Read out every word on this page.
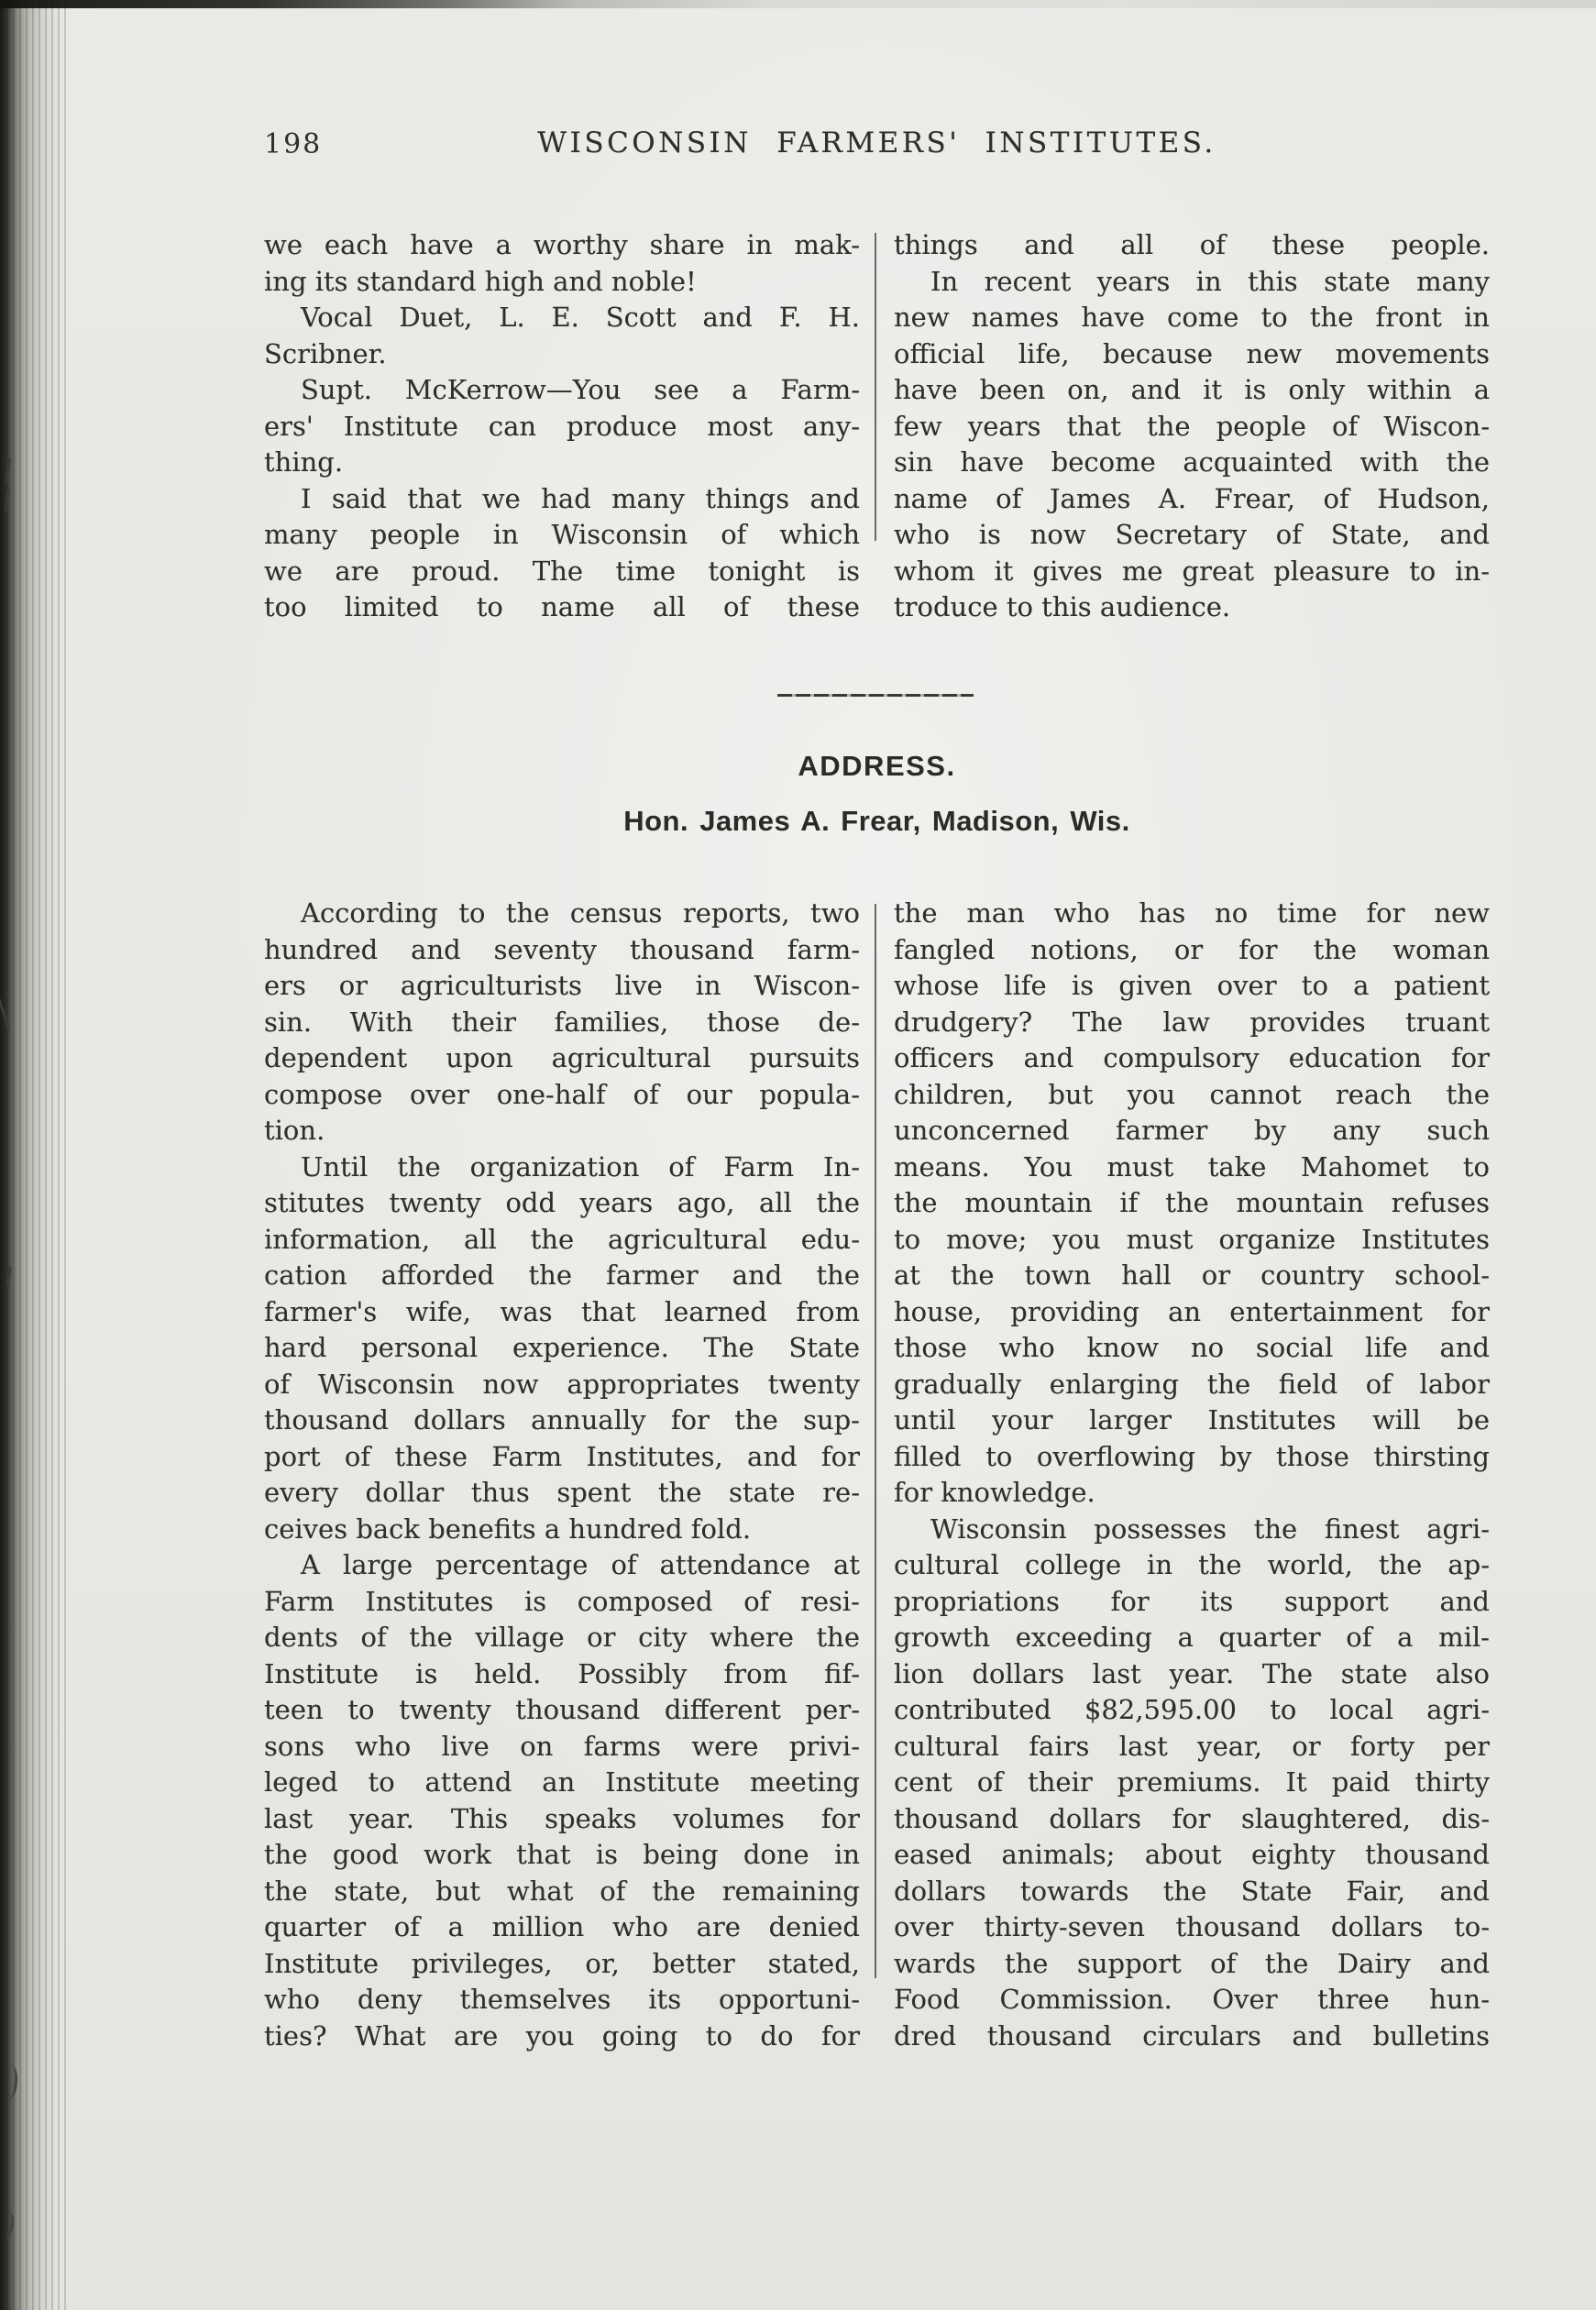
198	WISCONSIN FARMERS' INSTITUTES.
we each have a worthy share in mak-
ing its standard high and noble!
Vocal Duet, L. E. Scott and F. H.
Scribner.
Supt. McKerrow—You see a Farm-
ers' Institute can produce most any-
thing.
I said that we had many things and
many people in Wisconsin of which
we are proud. The time tonight is
too limited to name all of these
things and all of these people.
In recent years in this state many
new names have come to the front in
official life, because new movements
have been on, and it is only within a
few years that the people of Wiscon-
sin have become acquainted with the
name of James A. Frear, of Hudson,
who is now Secretary of State, and
whom it gives me great pleasure to in-
troduce to this audience.
ADDRESS.
Hon. James A. Frear, Madison, Wis.
According to the census reports, two
hundred and seventy thousand farm-
ers or agriculturists live in Wiscon-
sin. With their families, those de-
dependent upon agricultural pursuits
compose over one-half of our popula-
tion.
Until the organization of Farm In-
stitutes twenty odd years ago, all the
information, all the agricultural edu-
cation afforded the farmer and the
farmer's wife, was that learned from
hard personal experience. The State
of Wisconsin now appropriates twenty
thousand dollars annually for the sup-
port of these Farm Institutes, and for
every dollar thus spent the state re-
ceives back benefits a hundred fold.
A large percentage of attendance at
Farm Institutes is composed of resi-
dents of the village or city where the
Institute is held. Possibly from fif-
teen to twenty thousand different per-
sons who live on farms were privi-
leged to attend an Institute meeting
last year. This speaks volumes for
the good work that is being done in
the state, but what of the remaining
quarter of a million who are denied
Institute privileges, or, better stated,
who deny themselves its opportuni-
ties? What are you going to do for
the man who has no time for new
fangled notions, or for the woman
whose life is given over to a patient
drudgery? The law provides truant
officers and compulsory education for
children, but you cannot reach the
unconcerned farmer by any such
means. You must take Mahomet to
the mountain if the mountain refuses
to move; you must organize Institutes
at the town hall or country school-
house, providing an entertainment for
those who know no social life and
gradually enlarging the field of labor
until your larger Institutes will be
filled to overflowing by those thirsting
for knowledge.
Wisconsin possesses the finest agri-
cultural college in the world, the ap-
propriations for its support and
growth exceeding a quarter of a mil-
lion dollars last year. The state also
contributed $82,595.00 to local agri-
cultural fairs last year, or forty per
cent of their premiums. It paid thirty
thousand dollars for slaughtered, dis-
eased animals; about eighty thousand
dollars towards the State Fair, and
over thirty-seven thousand dollars to-
wards the support of the Dairy and
Food Commission. Over three hun-
dred thousand circulars and bulletins
